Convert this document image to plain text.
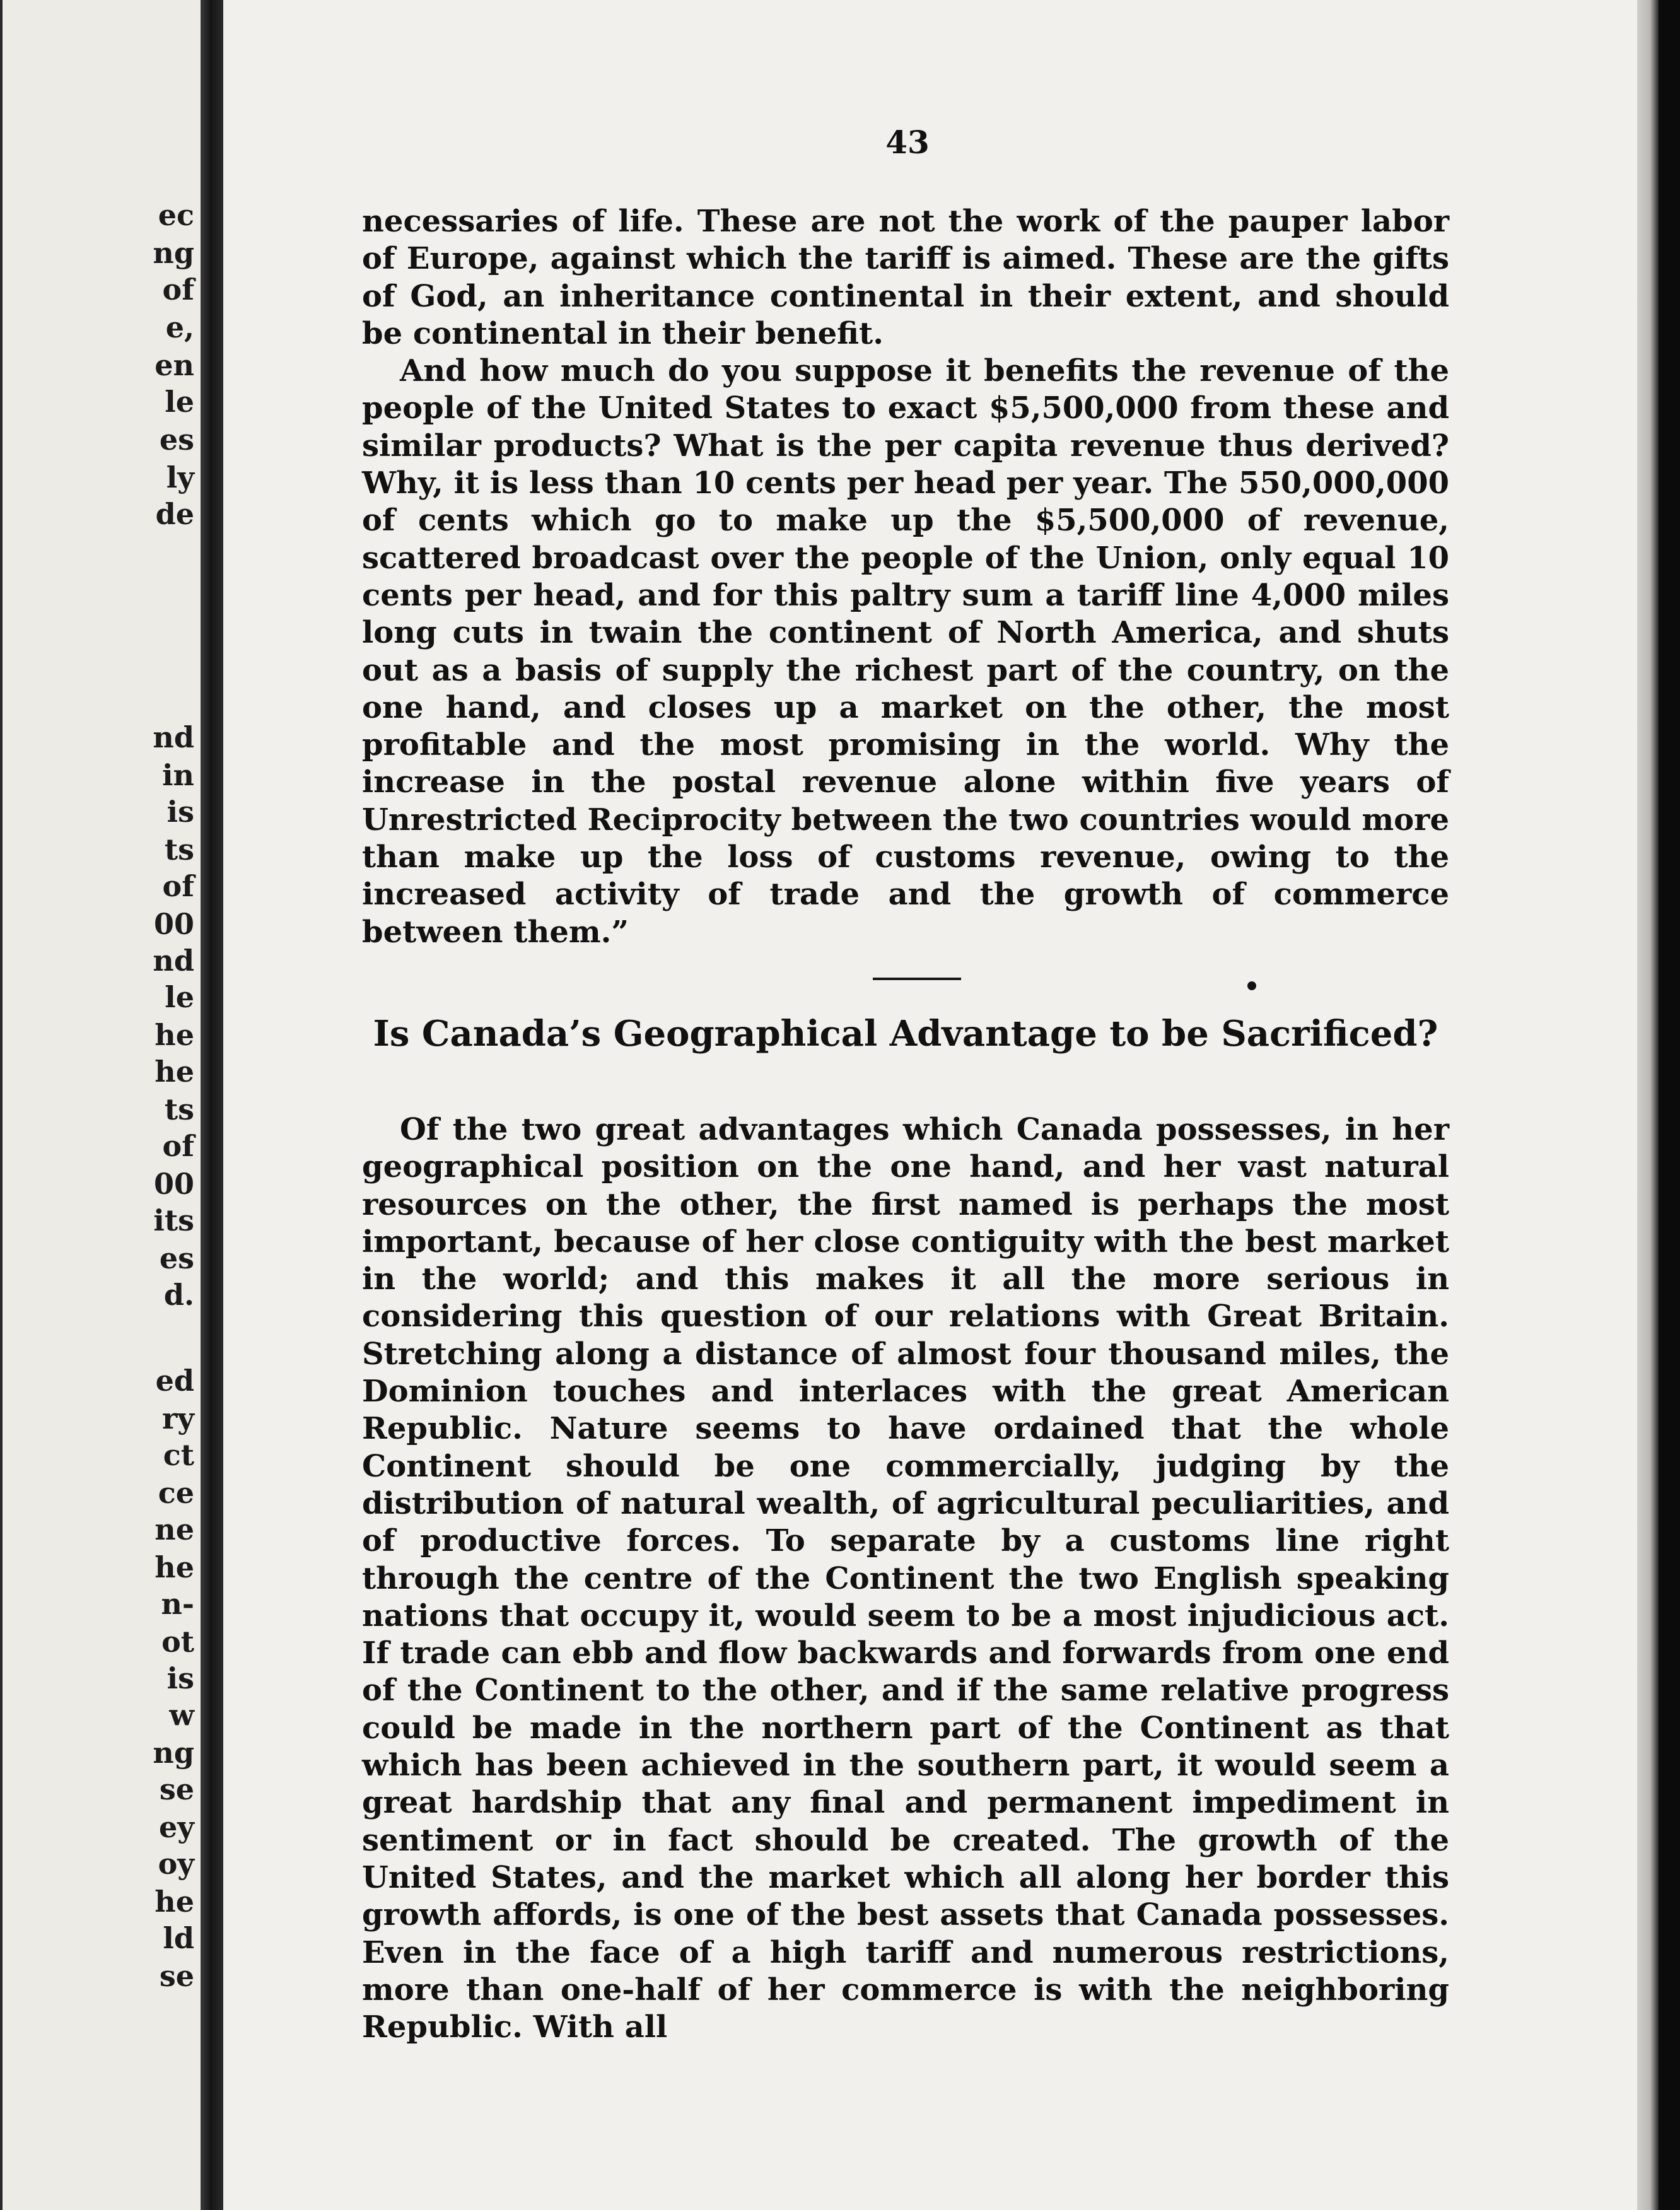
ec
ng
of
e,
en
le
es
ly
de
nd
in
is
ts
of
00
nd
le
he
he
ts
of
00
its
es
d.
ed
ry
ct
ce
ne
he
n-
ot
is
w
ng
se
ey
oy
he
ld
se
43

necessaries of life. These are not the work of the pauper labor of Europe, against which the tariff is aimed. These are the gifts of God, an inheritance continental in their extent, and should be continental in their benefit.

And how much do you suppose it benefits the revenue of the people of the United States to exact $5,500,000 from these and similar products? What is the per capita revenue thus derived? Why, it is less than 10 cents per head per year. The 550,000,000 of cents which go to make up the $5,500,000 of revenue, scattered broadcast over the people of the Union, only equal 10 cents per head, and for this paltry sum a tariff line 4,000 miles long cuts in twain the continent of North America, and shuts out as a basis of supply the richest part of the country, on the one hand, and closes up a market on the other, the most profitable and the most promising in the world. Why the increase in the postal revenue alone within five years of Unrestricted Reciprocity between the two countries would more than make up the loss of customs revenue, owing to the increased activity of trade and the growth of commerce between them.”

Is Canada’s Geographical Advantage to be Sacrificed?

Of the two great advantages which Canada possesses, in her geographical position on the one hand, and her vast natural resources on the other, the first named is perhaps the most important, because of her close contiguity with the best market in the world; and this makes it all the more serious in considering this question of our relations with Great Britain. Stretching along a distance of almost four thousand miles, the Dominion touches and interlaces with the great American Republic. Nature seems to have ordained that the whole Continent should be one commercially, judging by the distribution of natural wealth, of agricultural peculiarities, and of productive forces. To separate by a customs line right through the centre of the Continent the two English speaking nations that occupy it, would seem to be a most injudicious act. If trade can ebb and flow backwards and forwards from one end of the Continent to the other, and if the same relative progress could be made in the northern part of the Continent as that which has been achieved in the southern part, it would seem a great hardship that any final and permanent impediment in sentiment or in fact should be created. The growth of the United States, and the market which all along her border this growth affords, is one of the best assets that Canada possesses. Even in the face of a high tariff and numerous restrictions, more than one-half of her commerce is with the neighboring Republic. With all
